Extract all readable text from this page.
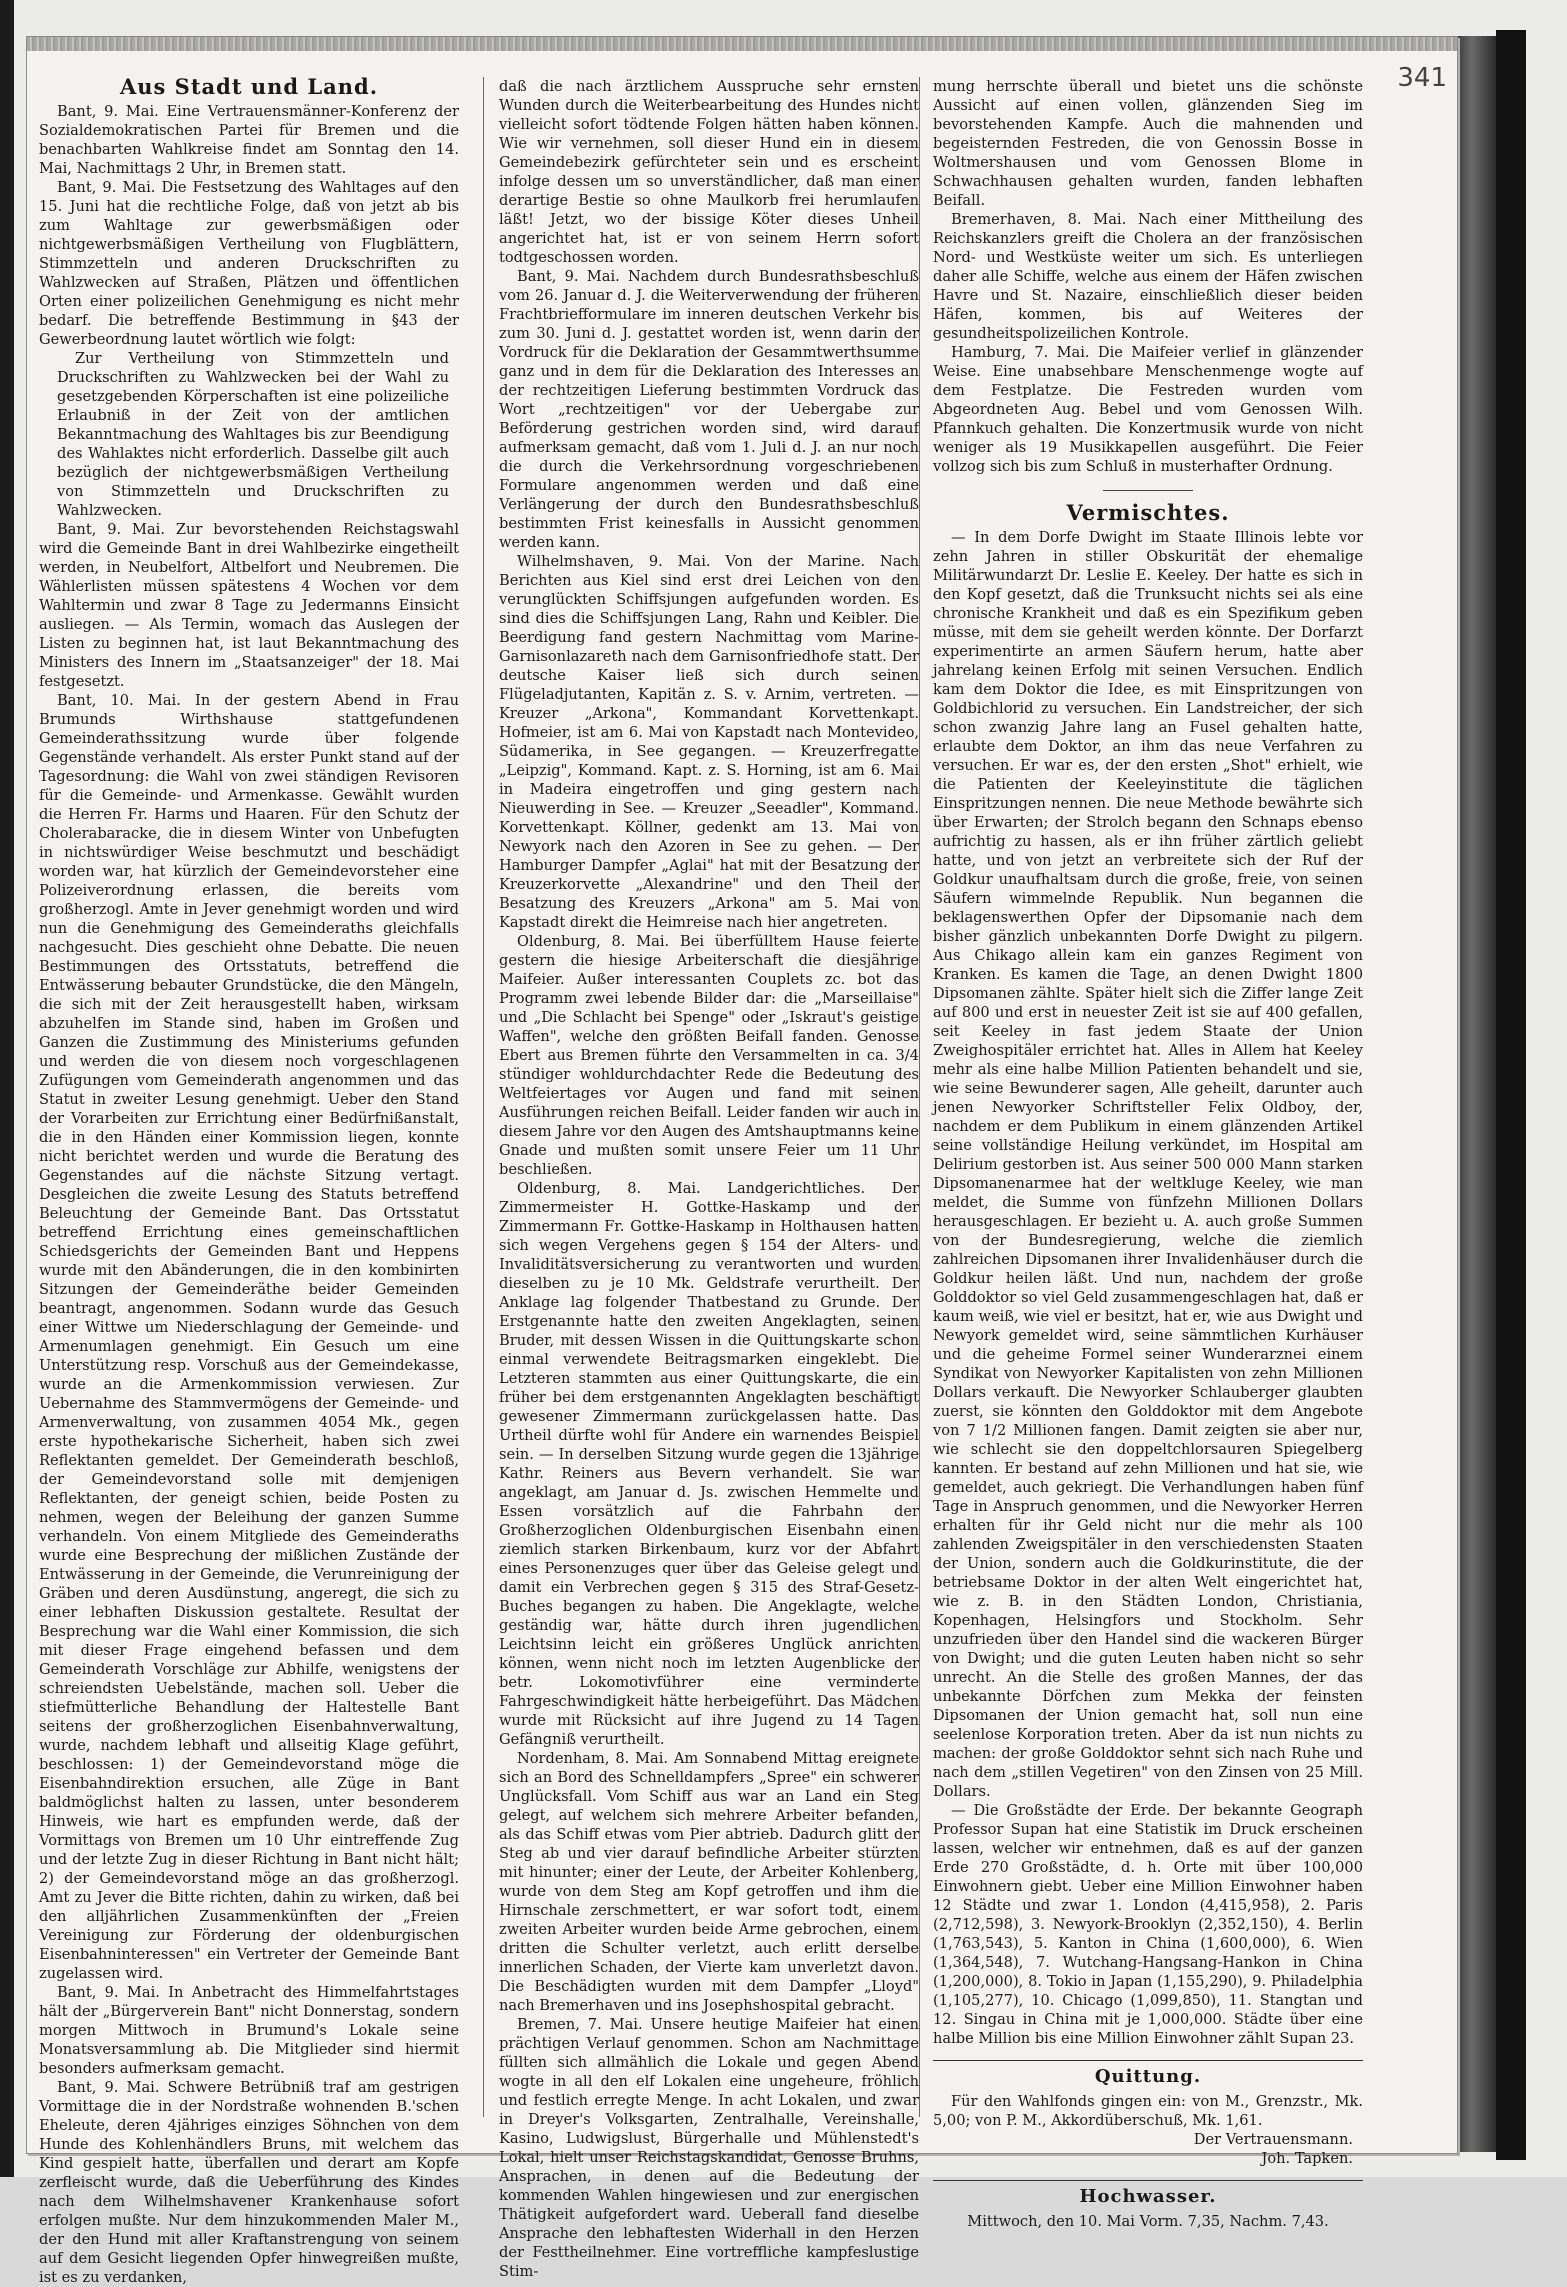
341
Aus Stadt und Land.

Bant, 9. Mai. Eine Vertrauensmänner-Konferenz der Sozialdemokratischen Partei für Bremen und die benachbarten Wahlkreise findet am Sonntag den 14. Mai, Nachmittags 2 Uhr, in Bremen statt.

Bant, 9. Mai. Die Festsetzung des Wahltages auf den 15. Juni hat die rechtliche Folge, daß von jetzt ab bis zum Wahltage zur gewerbsmäßigen oder nichtgewerbsmäßigen Vertheilung von Flugblättern, Stimmzetteln und anderen Druckschriften zu Wahlzwecken auf Straßen, Plätzen und öffentlichen Orten einer polizeilichen Genehmigung es nicht mehr bedarf. Die betreffende Bestimmung in §43 der Gewerbeordnung lautet wörtlich wie folgt:

Zur Vertheilung von Stimmzetteln und Druckschriften zu Wahlzwecken bei der Wahl zu gesetzgebenden Körperschaften ist eine polizeiliche Erlaubniß in der Zeit von der amtlichen Bekanntmachung des Wahltages bis zur Beendigung des Wahlaktes nicht erforderlich. Dasselbe gilt auch bezüglich der nichtgewerbsmäßigen Vertheilung von Stimmzetteln und Druckschriften zu Wahlzwecken.

Bant, 9. Mai. Zur bevorstehenden Reichstagswahl wird die Gemeinde Bant in drei Wahlbezirke eingetheilt werden, in Neubelfort, Altbelfort und Neubremen. Die Wählerlisten müssen spätestens 4 Wochen vor dem Wahltermin und zwar 8 Tage zu Jedermanns Einsicht ausliegen. — Als Termin, womach das Auslegen der Listen zu beginnen hat, ist laut Bekanntmachung des Ministers des Innern im „Staatsanzeiger" der 18. Mai festgesetzt.

Bant, 10. Mai. In der gestern Abend in Frau Brumunds Wirthshause stattgefundenen Gemeinderathssitzung wurde über folgende Gegenstände verhandelt. Als erster Punkt stand auf der Tagesordnung: die Wahl von zwei ständigen Revisoren für die Gemeinde- und Armenkasse. Gewählt wurden die Herren Fr. Harms und Haaren. Für den Schutz der Cholerabaracke, die in diesem Winter von Unbefugten in nichtswürdiger Weise beschmutzt und beschädigt worden war, hat kürzlich der Gemeindevorsteher eine Polizeiverordnung erlassen, die bereits vom großherzogl. Amte in Jever genehmigt worden und wird nun die Genehmigung des Gemeinderaths gleichfalls nachgesucht. Dies geschieht ohne Debatte. Die neuen Bestimmungen des Ortsstatuts, betreffend die Entwässerung bebauter Grundstücke, die den Mängeln, die sich mit der Zeit herausgestellt haben, wirksam abzuhelfen im Stande sind, haben im Großen und Ganzen die Zustimmung des Ministeriums gefunden und werden die von diesem noch vorgeschlagenen Zufügungen vom Gemeinderath angenommen und das Statut in zweiter Lesung genehmigt. Ueber den Stand der Vorarbeiten zur Errichtung einer Bedürfnißanstalt, die in den Händen einer Kommission liegen, konnte nicht berichtet werden und wurde die Beratung des Gegenstandes auf die nächste Sitzung vertagt. Desgleichen die zweite Lesung des Statuts betreffend Beleuchtung der Gemeinde Bant. Das Ortsstatut betreffend Errichtung eines gemeinschaftlichen Schiedsgerichts der Gemeinden Bant und Heppens wurde mit den Abänderungen, die in den kombinirten Sitzungen der Gemeinderäthe beider Gemeinden beantragt, angenommen. Sodann wurde das Gesuch einer Wittwe um Niederschlagung der Gemeinde- und Armenumlagen genehmigt. Ein Gesuch um eine Unterstützung resp. Vorschuß aus der Gemeindekasse, wurde an die Armenkommission verwiesen. Zur Uebernahme des Stammvermögens der Gemeinde- und Armenverwaltung, von zusammen 4054 Mk., gegen erste hypothekarische Sicherheit, haben sich zwei Reflektanten gemeldet. Der Gemeinderath beschloß, der Gemeindevorstand solle mit demjenigen Reflektanten, der geneigt schien, beide Posten zu nehmen, wegen der Beleihung der ganzen Summe verhandeln. Von einem Mitgliede des Gemeinderaths wurde eine Besprechung der mißlichen Zustände der Entwässerung in der Gemeinde, die Verunreinigung der Gräben und deren Ausdünstung, angeregt, die sich zu einer lebhaften Diskussion gestaltete. Resultat der Besprechung war die Wahl einer Kommission, die sich mit dieser Frage eingehend befassen und dem Gemeinderath Vorschläge zur Abhilfe, wenigstens der schreiendsten Uebelstände, machen soll. Ueber die stiefmütterliche Behandlung der Haltestelle Bant seitens der großherzoglichen Eisenbahnverwaltung, wurde, nachdem lebhaft und allseitig Klage geführt, beschlossen: 1) der Gemeindevorstand möge die Eisenbahndirektion ersuchen, alle Züge in Bant baldmöglichst halten zu lassen, unter besonderem Hinweis, wie hart es empfunden werde, daß der Vormittags von Bremen um 10 Uhr eintreffende Zug und der letzte Zug in dieser Richtung in Bant nicht hält; 2) der Gemeindevorstand möge an das großherzogl. Amt zu Jever die Bitte richten, dahin zu wirken, daß bei den alljährlichen Zusammenkünften der „Freien Vereinigung zur Förderung der oldenburgischen Eisenbahninteressen" ein Vertreter der Gemeinde Bant zugelassen wird.

Bant, 9. Mai. In Anbetracht des Himmelfahrtstages hält der „Bürgerverein Bant" nicht Donnerstag, sondern morgen Mittwoch in Brumund's Lokale seine Monatsversammlung ab. Die Mitglieder sind hiermit besonders aufmerksam gemacht.

Bant, 9. Mai. Schwere Betrübniß traf am gestrigen Vormittage die in der Nordstraße wohnenden B.'schen Eheleute, deren 4jähriges einziges Söhnchen von dem Hunde des Kohlenhändlers Bruns, mit welchem das Kind gespielt hatte, überfallen und derart am Kopfe zerfleischt wurde, daß die Ueberführung des Kindes nach dem Wilhelmshavener Krankenhause sofort erfolgen mußte. Nur dem hinzukommenden Maler M., der den Hund mit aller Kraftanstrengung von seinem auf dem Gesicht liegenden Opfer hinwegreißen mußte, ist es zu verdanken,

daß die nach ärztlichem Ausspruche sehr ernsten Wunden durch die Weiterbearbeitung des Hundes nicht vielleicht sofort tödtende Folgen hätten haben können. Wie wir vernehmen, soll dieser Hund ein in diesem Gemeindebezirk gefürchteter sein und es erscheint infolge dessen um so unverständlicher, daß man einer derartige Bestie so ohne Maulkorb frei herumlaufen läßt! Jetzt, wo der bissige Köter dieses Unheil angerichtet hat, ist er von seinem Herrn sofort todtgeschossen worden.

Bant, 9. Mai. Nachdem durch Bundesrathsbeschluß vom 26. Januar d. J. die Weiterverwendung der früheren Frachtbriefformulare im inneren deutschen Verkehr bis zum 30. Juni d. J. gestattet worden ist, wenn darin der Vordruck für die Deklaration der Gesammtwerthsumme ganz und in dem für die Deklaration des Interesses an der rechtzeitigen Lieferung bestimmten Vordruck das Wort „rechtzeitigen" vor der Uebergabe zur Beförderung gestrichen worden sind, wird darauf aufmerksam gemacht, daß vom 1. Juli d. J. an nur noch die durch die Verkehrsordnung vorgeschriebenen Formulare angenommen werden und daß eine Verlängerung der durch den Bundesrathsbeschluß bestimmten Frist keinesfalls in Aussicht genommen werden kann.

Wilhelmshaven, 9. Mai. Von der Marine. Nach Berichten aus Kiel sind erst drei Leichen von den verunglückten Schiffsjungen aufgefunden worden. Es sind dies die Schiffsjungen Lang, Rahn und Keibler. Die Beerdigung fand gestern Nachmittag vom Marine-Garnisonlazareth nach dem Garnisonfriedhofe statt. Der deutsche Kaiser ließ sich durch seinen Flügeladjutanten, Kapitän z. S. v. Arnim, vertreten. — Kreuzer „Arkona", Kommandant Korvettenkapt. Hofmeier, ist am 6. Mai von Kapstadt nach Montevideo, Südamerika, in See gegangen. — Kreuzerfregatte „Leipzig", Kommand. Kapt. z. S. Horning, ist am 6. Mai in Madeira eingetroffen und ging gestern nach Nieuwerding in See. — Kreuzer „Seeadler", Kommand. Korvettenkapt. Köllner, gedenkt am 13. Mai von Newyork nach den Azoren in See zu gehen. — Der Hamburger Dampfer „Aglai" hat mit der Besatzung der Kreuzerkorvette „Alexandrine" und den Theil der Besatzung des Kreuzers „Arkona" am 5. Mai von Kapstadt direkt die Heimreise nach hier angetreten.

Oldenburg, 8. Mai. Bei überfülltem Hause feierte gestern die hiesige Arbeiterschaft die diesjährige Maifeier. Außer interessanten Couplets zc. bot das Programm zwei lebende Bilder dar: die „Marseillaise" und „Die Schlacht bei Spenge" oder „Iskraut's geistige Waffen", welche den größten Beifall fanden. Genosse Ebert aus Bremen führte den Versammelten in ca. 3/4 stündiger wohldurchdachter Rede die Bedeutung des Weltfeiertages vor Augen und fand mit seinen Ausführungen reichen Beifall. Leider fanden wir auch in diesem Jahre vor den Augen des Amtshauptmanns keine Gnade und mußten somit unsere Feier um 11 Uhr beschließen.

Oldenburg, 8. Mai. Landgerichtliches. Der Zimmermeister H. Gottke-Haskamp und der Zimmermann Fr. Gottke-Haskamp in Holthausen hatten sich wegen Vergehens gegen § 154 der Alters- und Invaliditätsversicherung zu verantworten und wurden dieselben zu je 10 Mk. Geldstrafe verurtheilt. Der Anklage lag folgender Thatbestand zu Grunde. Der Erstgenannte hatte den zweiten Angeklagten, seinen Bruder, mit dessen Wissen in die Quittungskarte schon einmal verwendete Beitragsmarken eingeklebt. Die Letzteren stammten aus einer Quittungskarte, die ein früher bei dem erstgenannten Angeklagten beschäftigt gewesener Zimmermann zurückgelassen hatte. Das Urtheil dürfte wohl für Andere ein warnendes Beispiel sein. — In derselben Sitzung wurde gegen die 13jährige Kathr. Reiners aus Bevern verhandelt. Sie war angeklagt, am Januar d. Js. zwischen Hemmelte und Essen vorsätzlich auf die Fahrbahn der Großherzoglichen Oldenburgischen Eisenbahn einen ziemlich starken Birkenbaum, kurz vor der Abfahrt eines Personenzuges quer über das Geleise gelegt und damit ein Verbrechen gegen § 315 des Straf-Gesetz-Buches begangen zu haben. Die Angeklagte, welche geständig war, hätte durch ihren jugendlichen Leichtsinn leicht ein größeres Unglück anrichten können, wenn nicht noch im letzten Augenblicke der betr. Lokomotivführer eine verminderte Fahrgeschwindigkeit hätte herbeigeführt. Das Mädchen wurde mit Rücksicht auf ihre Jugend zu 14 Tagen Gefängniß verurtheilt.

Nordenham, 8. Mai. Am Sonnabend Mittag ereignete sich an Bord des Schnelldampfers „Spree" ein schwerer Unglücksfall. Vom Schiff aus war an Land ein Steg gelegt, auf welchem sich mehrere Arbeiter befanden, als das Schiff etwas vom Pier abtrieb. Dadurch glitt der Steg ab und vier darauf befindliche Arbeiter stürzten mit hinunter; einer der Leute, der Arbeiter Kohlenberg, wurde von dem Steg am Kopf getroffen und ihm die Hirnschale zerschmettert, er war sofort todt, einem zweiten Arbeiter wurden beide Arme gebrochen, einem dritten die Schulter verletzt, auch erlitt derselbe innerlichen Schaden, der Vierte kam unverletzt davon. Die Beschädigten wurden mit dem Dampfer „Lloyd" nach Bremerhaven und ins Josephshospital gebracht.

Bremen, 7. Mai. Unsere heutige Maifeier hat einen prächtigen Verlauf genommen. Schon am Nachmittage füllten sich allmählich die Lokale und gegen Abend wogte in all den elf Lokalen eine ungeheure, fröhlich und festlich erregte Menge. In acht Lokalen, und zwar in Dreyer's Volksgarten, Zentralhalle, Vereinshalle, Kasino, Ludwigslust, Bürgerhalle und Mühlenstedt's Lokal, hielt unser Reichstagskandidat, Genosse Bruhns, Ansprachen, in denen auf die Bedeutung der kommenden Wahlen hingewiesen und zur energischen Thätigkeit aufgefordert ward. Ueberall fand dieselbe Ansprache den lebhaftesten Widerhall in den Herzen der Festtheilnehmer. Eine vortreffliche kampfeslustige Stim-

mung herrschte überall und bietet uns die schönste Aussicht auf einen vollen, glänzenden Sieg im bevorstehenden Kampfe. Auch die mahnenden und begeisternden Festreden, die von Genossin Bosse in Woltmershausen und vom Genossen Blome in Schwachhausen gehalten wurden, fanden lebhaften Beifall.

Bremerhaven, 8. Mai. Nach einer Mittheilung des Reichskanzlers greift die Cholera an der französischen Nord- und Westküste weiter um sich. Es unterliegen daher alle Schiffe, welche aus einem der Häfen zwischen Havre und St. Nazaire, einschließlich dieser beiden Häfen, kommen, bis auf Weiteres der gesundheitspolizeilichen Kontrole.

Hamburg, 7. Mai. Die Maifeier verlief in glänzender Weise. Eine unabsehbare Menschenmenge wogte auf dem Festplatze. Die Festreden wurden vom Abgeordneten Aug. Bebel und vom Genossen Wilh. Pfannkuch gehalten. Die Konzertmusik wurde von nicht weniger als 19 Musikkapellen ausgeführt. Die Feier vollzog sich bis zum Schluß in musterhafter Ordnung.

Vermischtes.

— In dem Dorfe Dwight im Staate Illinois lebte vor zehn Jahren in stiller Obskurität der ehemalige Militärwundarzt Dr. Leslie E. Keeley. Der hatte es sich in den Kopf gesetzt, daß die Trunksucht nichts sei als eine chronische Krankheit und daß es ein Spezifikum geben müsse, mit dem sie geheilt werden könnte. Der Dorfarzt experimentirte an armen Säufern herum, hatte aber jahrelang keinen Erfolg mit seinen Versuchen. Endlich kam dem Doktor die Idee, es mit Einspritzungen von Goldbichlorid zu versuchen. Ein Landstreicher, der sich schon zwanzig Jahre lang an Fusel gehalten hatte, erlaubte dem Doktor, an ihm das neue Verfahren zu versuchen. Er war es, der den ersten „Shot" erhielt, wie die Patienten der Keeleyinstitute die täglichen Einspritzungen nennen. Die neue Methode bewährte sich über Erwarten; der Strolch begann den Schnaps ebenso aufrichtig zu hassen, als er ihn früher zärtlich geliebt hatte, und von jetzt an verbreitete sich der Ruf der Goldkur unaufhaltsam durch die große, freie, von seinen Säufern wimmelnde Republik. Nun begannen die beklagenswerthen Opfer der Dipsomanie nach dem bisher gänzlich unbekannten Dorfe Dwight zu pilgern. Aus Chikago allein kam ein ganzes Regiment von Kranken. Es kamen die Tage, an denen Dwight 1800 Dipsomanen zählte. Später hielt sich die Ziffer lange Zeit auf 800 und erst in neuester Zeit ist sie auf 400 gefallen, seit Keeley in fast jedem Staate der Union Zweighospitäler errichtet hat. Alles in Allem hat Keeley mehr als eine halbe Million Patienten behandelt und sie, wie seine Bewunderer sagen, Alle geheilt, darunter auch jenen Newyorker Schriftsteller Felix Oldboy, der, nachdem er dem Publikum in einem glänzenden Artikel seine vollständige Heilung verkündet, im Hospital am Delirium gestorben ist. Aus seiner 500 000 Mann starken Dipsomanenarmee hat der weltkluge Keeley, wie man meldet, die Summe von fünfzehn Millionen Dollars herausgeschlagen. Er bezieht u. A. auch große Summen von der Bundesregierung, welche die ziemlich zahlreichen Dipsomanen ihrer Invalidenhäuser durch die Goldkur heilen läßt. Und nun, nachdem der große Golddoktor so viel Geld zusammengeschlagen hat, daß er kaum weiß, wie viel er besitzt, hat er, wie aus Dwight und Newyork gemeldet wird, seine sämmtlichen Kurhäuser und die geheime Formel seiner Wunderarznei einem Syndikat von Newyorker Kapitalisten von zehn Millionen Dollars verkauft. Die Newyorker Schlauberger glaubten zuerst, sie könnten den Golddoktor mit dem Angebote von 7 1/2 Millionen fangen. Damit zeigten sie aber nur, wie schlecht sie den doppeltchlorsauren Spiegelberg kannten. Er bestand auf zehn Millionen und hat sie, wie gemeldet, auch gekriegt. Die Verhandlungen haben fünf Tage in Anspruch genommen, und die Newyorker Herren erhalten für ihr Geld nicht nur die mehr als 100 zahlenden Zweigspitäler in den verschiedensten Staaten der Union, sondern auch die Goldkurinstitute, die der betriebsame Doktor in der alten Welt eingerichtet hat, wie z. B. in den Städten London, Christiania, Kopenhagen, Helsingfors und Stockholm. Sehr unzufrieden über den Handel sind die wackeren Bürger von Dwight; und die guten Leuten haben nicht so sehr unrecht. An die Stelle des großen Mannes, der das unbekannte Dörfchen zum Mekka der feinsten Dipsomanen der Union gemacht hat, soll nun eine seelenlose Korporation treten. Aber da ist nun nichts zu machen: der große Golddoktor sehnt sich nach Ruhe und nach dem „stillen Vegetiren" von den Zinsen von 25 Mill. Dollars.

— Die Großstädte der Erde. Der bekannte Geograph Professor Supan hat eine Statistik im Druck erscheinen lassen, welcher wir entnehmen, daß es auf der ganzen Erde 270 Großstädte, d. h. Orte mit über 100,000 Einwohnern giebt. Ueber eine Million Einwohner haben 12 Städte und zwar 1. London (4,415,958), 2. Paris (2,712,598), 3. Newyork-Brooklyn (2,352,150), 4. Berlin (1,763,543), 5. Kanton in China (1,600,000), 6. Wien (1,364,548), 7. Wutchang-Hangsang-Hankon in China (1,200,000), 8. Tokio in Japan (1,155,290), 9. Philadelphia (1,105,277), 10. Chicago (1,099,850), 11. Stangtan und 12. Singau in China mit je 1,000,000. Städte über eine halbe Million bis eine Million Einwohner zählt Supan 23.

Quittung.

Für den Wahlfonds gingen ein: von M., Grenzstr., Mk. 5,00; von P. M., Akkordüberschuß, Mk. 1,61.

Der Vertrauensmann.

Joh. Tapken.

Hochwasser.

Mittwoch, den 10. Mai Vorm. 7,35, Nachm. 7,43.
